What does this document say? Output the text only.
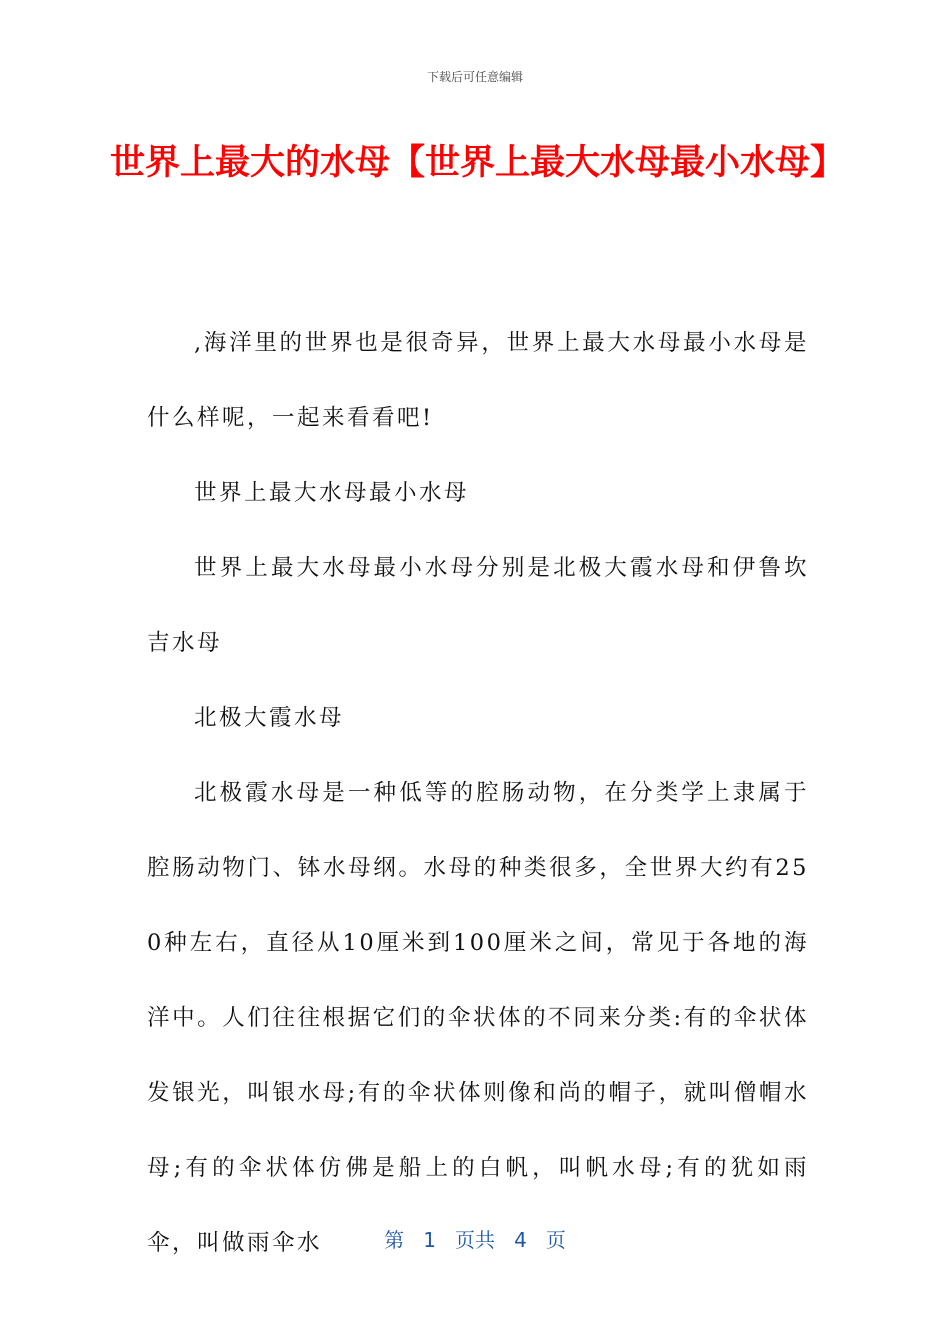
下载后可任意编辑
世界上最大的水母【世界上最大水母最小水母】

,海洋里的世界也是很奇异，世界上最大水母最小水母是什么样呢，一起来看看吧!

世界上最大水母最小水母

世界上最大水母最小水母分别是北极大霞水母和伊鲁坎吉水母

北极大霞水母

北极霞水母是一种低等的腔肠动物，在分类学上隶属于腔肠动物门、钵水母纲。水母的种类很多，全世界大约有250种左右，直径从10厘米到100厘米之间，常见于各地的海洋中。人们往往根据它们的伞状体的不同来分类:有的伞状体发银光，叫银水母;有的伞状体则像和尚的帽子，就叫僧帽水母;有的伞状体仿佛是船上的白帆，叫帆水母;有的犹如雨伞，叫做雨伞水	第 1 页共 4 页
